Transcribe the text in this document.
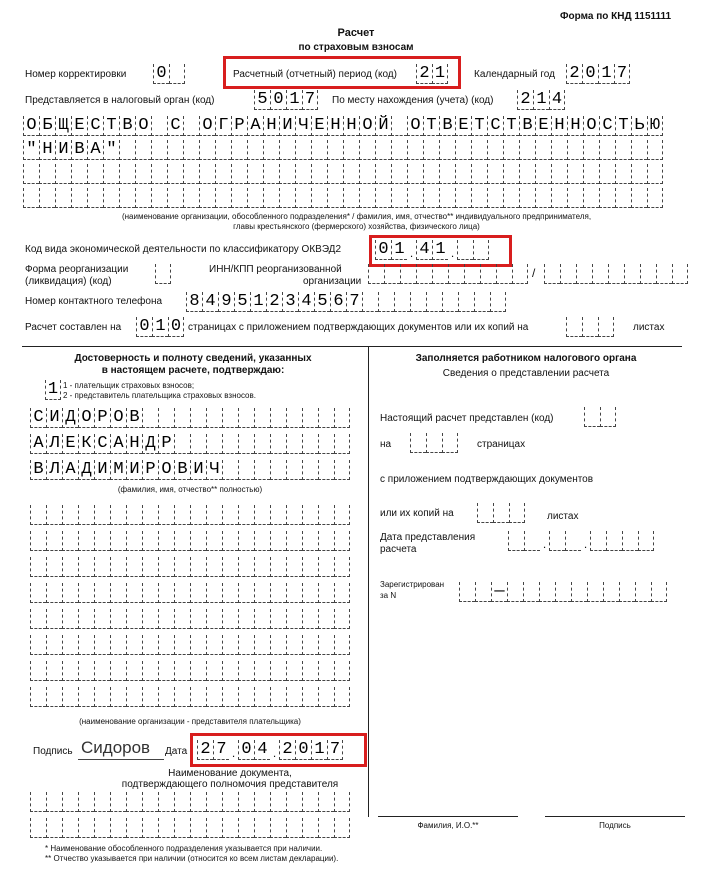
Форма по КНД 1151111
Расчет
по страховым взносам
Номер корректировки 0	Расчетный (отчетный) период (код) 2 1	Календарный год 2 0 1 7
Представляется в налоговый орган (код)	5 0 1 7 По месту нахождения (учета) (код) 2 1 4
О Б Щ Е С Т В О С О Г Р А Н И Ч Е Н Н О Й О Т В Е Т С Т В Е Н Н О С Т Ь Ю
" Н И В А "
(наименование организации, обособленного подразделения* / фамилия, имя, отчество** индивидуального предпринимателя,
главы крестьянского (фермерского) хозяйства, физического лица)
Код вида экономической деятельности по классификатору ОКВЭД2 0 1 . 4 1 .
Форма реорганизации
(ликвидация) (код)
ИНН/КПП реорганизованной
организации
/
Номер контактного телефона 8 4 9 5 1 2 3 4 5 6 7
Расчет составлен на 0 1 0 страницах с приложением подтверждающих документов или их копий на	листах
Достоверность и полноту сведений, указанных
в настоящем расчете, подтверждаю:
1 1 - плательщик страховых взносов;
2 - представитель плательщика страховых взносов.
С И Д О Р О В
А Л Е К С А Н Д Р
В Л А Д И М И Р О В И Ч
(фамилия, имя, отчество** полностью)
(наименование организации - представителя плательщика)
Подпись Сидоров Дата 2 7 . 0 4 . 2 0 1 7
Наименование документа,
подтверждающего полномочия представителя
Заполняется работником налогового органа
Сведения о представлении расчета
Настоящий расчет представлен (код)
на	страницах
с приложением подтверждающих документов
или их копий на	листах
Дата представления
расчета	.	.
Зарегистрирован
за N	—
Фамилия, И.О.**	Подпись
* Наименование обособленного подразделения указывается при наличии.
** Отчество указывается при наличии (относится ко всем листам декларации).
